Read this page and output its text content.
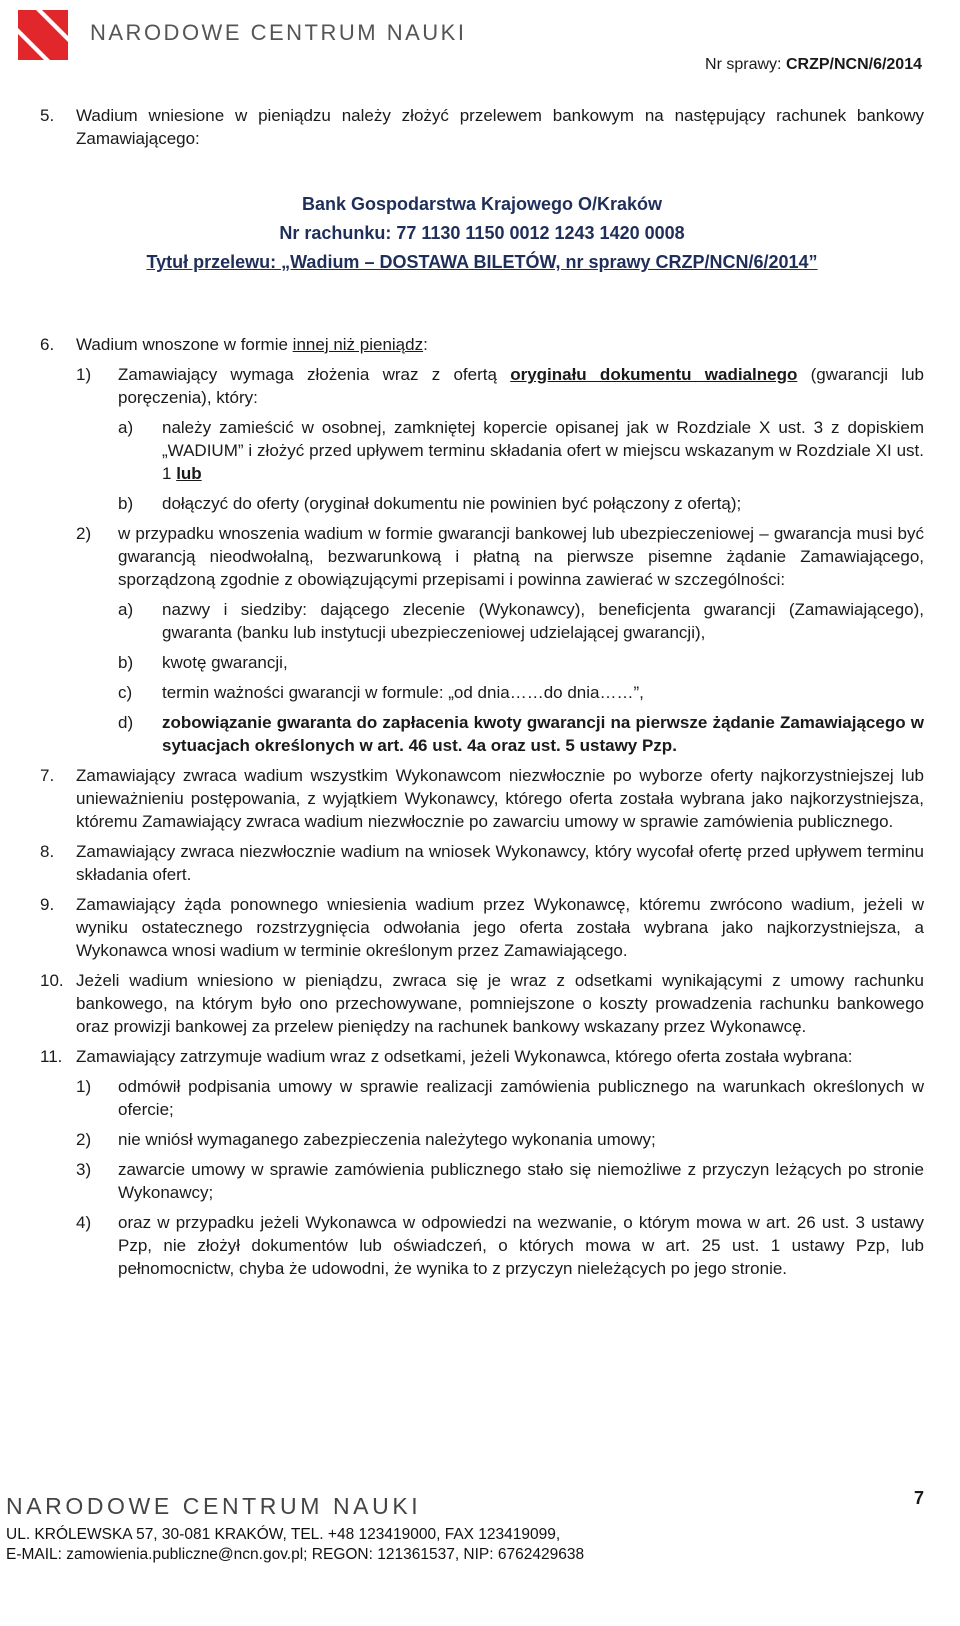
NARODOWE CENTRUM NAUKI
Nr sprawy: CRZP/NCN/6/2014
5. Wadium wniesione w pieniądzu należy złożyć przelewem bankowym na następujący rachunek bankowy Zamawiającego:
Bank Gospodarstwa Krajowego O/Kraków
Nr rachunku: 77 1130 1150 0012 1243 1420 0008
Tytuł przelewu: „Wadium – DOSTAWA BILETÓW, nr sprawy CRZP/NCN/6/2014”
6. Wadium wnoszone w formie innej niż pieniądz:
1) Zamawiający wymaga złożenia wraz z ofertą oryginału dokumentu wadialnego (gwarancji lub poręczenia), który:
a) należy zamieścić w osobnej, zamkniętej kopercie opisanej jak w Rozdziale X ust. 3 z dopiskiem „WADIUM” i złożyć przed upływem terminu składania ofert w miejscu wskazanym w Rozdziale XI ust. 1 lub
b) dołączyć do oferty (oryginał dokumentu nie powinien być połączony z ofertą);
2) w przypadku wnoszenia wadium w formie gwarancji bankowej lub ubezpieczeniowej – gwarancja musi być gwarancją nieodwołalną, bezwarunkową i płatną na pierwsze pisemne żądanie Zamawiającego, sporządzoną zgodnie z obowiązującymi przepisami i powinna zawierać w szczególności:
a) nazwy i siedziby: dającego zlecenie (Wykonawcy), beneficjenta gwarancji (Zamawiającego), gwaranta (banku lub instytucji ubezpieczeniowej udzielającej gwarancji),
b) kwotę gwarancji,
c) termin ważności gwarancji w formule: „od dnia……do dnia……”,
d) zobowiązanie gwaranta do zapłacenia kwoty gwarancji na pierwsze żądanie Zamawiającego w sytuacjach określonych w art. 46 ust. 4a oraz ust. 5 ustawy Pzp.
7. Zamawiający zwraca wadium wszystkim Wykonawcom niezwłocznie po wyborze oferty najkorzystniejszej lub unieważnieniu postępowania, z wyjątkiem Wykonawcy, którego oferta została wybrana jako najkorzystniejsza, któremu Zamawiający zwraca wadium niezwłocznie po zawarciu umowy w sprawie zamówienia publicznego.
8. Zamawiający zwraca niezwłocznie wadium na wniosek Wykonawcy, który wycofał ofertę przed upływem terminu składania ofert.
9. Zamawiający żąda ponownego wniesienia wadium przez Wykonawcę, któremu zwrócono wadium, jeżeli w wyniku ostatecznego rozstrzygnięcia odwołania jego oferta została wybrana jako najkorzystniejsza, a Wykonawca wnosi wadium w terminie określonym przez Zamawiającego.
10. Jeżeli wadium wniesiono w pieniądzu, zwraca się je wraz z odsetkami wynikającymi z umowy rachunku bankowego, na którym było ono przechowywane, pomniejszone o koszty prowadzenia rachunku bankowego oraz prowizji bankowej za przelew pieniędzy na rachunek bankowy wskazany przez Wykonawcę.
11. Zamawiający zatrzymuje wadium wraz z odsetkami, jeżeli Wykonawca, którego oferta została wybrana:
1) odmówił podpisania umowy w sprawie realizacji zamówienia publicznego na warunkach określonych w ofercie;
2) nie wniósł wymaganego zabezpieczenia należytego wykonania umowy;
3) zawarcie umowy w sprawie zamówienia publicznego stało się niemożliwe z przyczyn leżących po stronie Wykonawcy;
4) oraz w przypadku jeżeli Wykonawca w odpowiedzi na wezwanie, o którym mowa w art. 26 ust. 3 ustawy Pzp, nie złożył dokumentów lub oświadczeń, o których mowa w art. 25 ust. 1 ustawy Pzp, lub pełnomocnictw, chyba że udowodni, że wynika to z przyczyn nieleżących po jego stronie.
NARODOWE CENTRUM NAUKI	7
UL. KRÓLEWSKA 57, 30-081 KRAKÓW, TEL. +48 123419000, FAX 123419099,
E-MAIL: zamowienia.publiczne@ncn.gov.pl; REGON: 121361537, NIP: 6762429638
